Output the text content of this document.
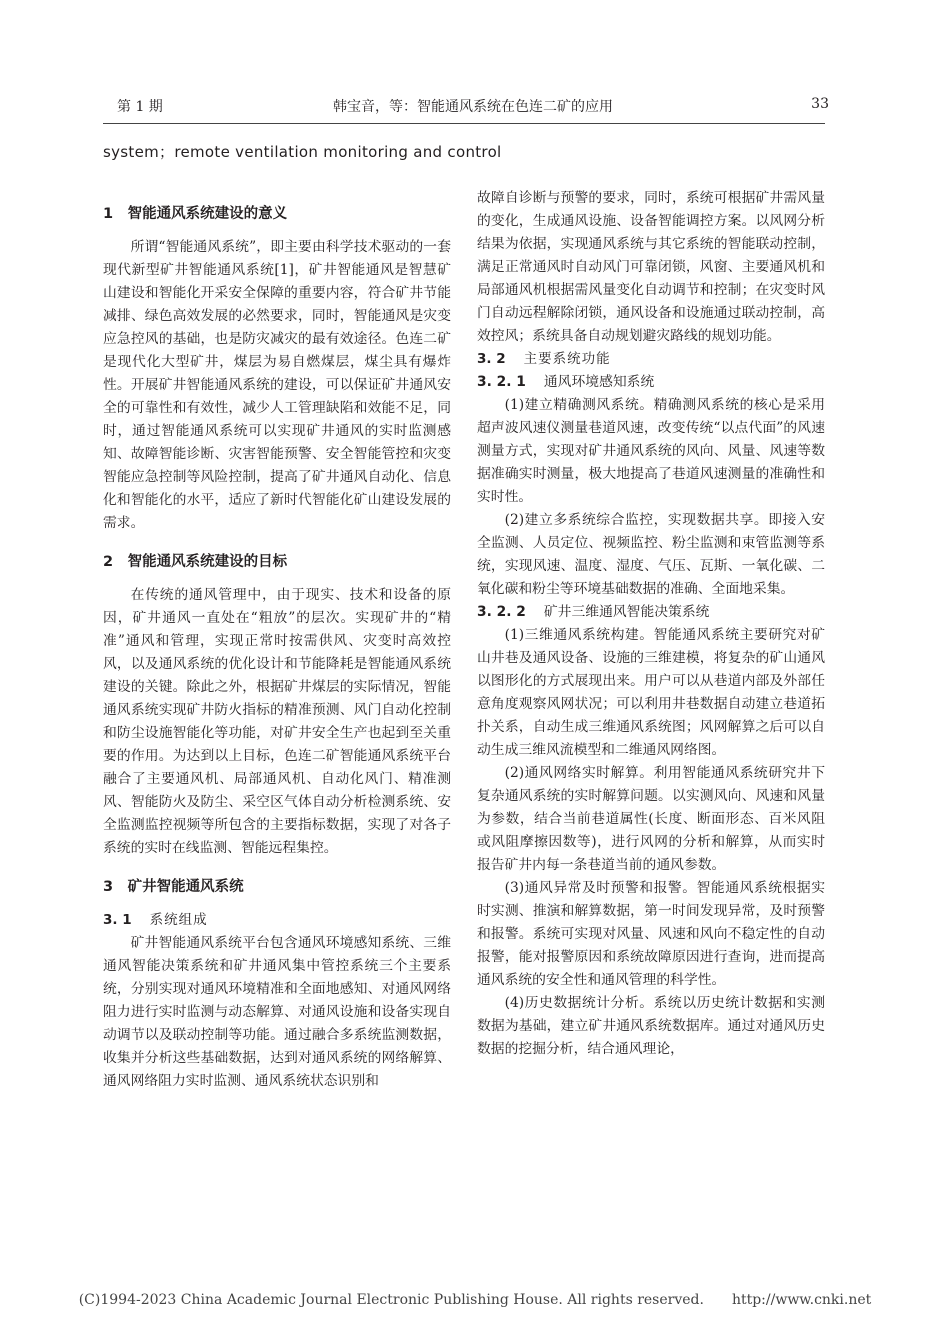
第 1 期	韩宝音，等：智能通风系统在色连二矿的应用	33
system；remote ventilation monitoring and control
1　智能通风系统建设的意义

所谓“智能通风系统”，即主要由科学技术驱动的一套现代新型矿井智能通风系统[1]，矿井智能通风是智慧矿山建设和智能化开采安全保障的重要内容，符合矿井节能减排、绿色高效发展的必然要求，同时，智能通风是灾变应急控风的基础，也是防灾减灾的最有效途径。色连二矿是现代化大型矿井，煤层为易自燃煤层，煤尘具有爆炸性。开展矿井智能通风系统的建设，可以保证矿井通风安全的可靠性和有效性，减少人工管理缺陷和效能不足，同时，通过智能通风系统可以实现矿井通风的实时监测感知、故障智能诊断、灾害智能预警、安全智能管控和灾变智能应急控制等风险控制，提高了矿井通风自动化、信息化和智能化的水平，适应了新时代智能化矿山建设发展的需求。

2　智能通风系统建设的目标

在传统的通风管理中，由于现实、技术和设备的原因，矿井通风一直处在“粗放”的层次。实现矿井的“精准”通风和管理，实现正常时按需供风、灾变时高效控风，以及通风系统的优化设计和节能降耗是智能通风系统建设的关键。除此之外，根据矿井煤层的实际情况，智能通风系统实现矿井防火指标的精准预测、风门自动化控制和防尘设施智能化等功能，对矿井安全生产也起到至关重要的作用。为达到以上目标，色连二矿智能通风系统平台融合了主要通风机、局部通风机、自动化风门、精准测风、智能防火及防尘、采空区气体自动分析检测系统、安全监测监控视频等所包含的主要指标数据，实现了对各子系统的实时在线监测、智能远程集控。

3　矿井智能通风系统
3. 1 系统组成

矿井智能通风系统平台包含通风环境感知系统、三维通风智能决策系统和矿井通风集中管控系统三个主要系统，分别实现对通风环境精准和全面地感知、对通风网络阻力进行实时监测与动态解算、对通风设施和设备实现自动调节以及联动控制等功能。通过融合多系统监测数据，收集并分析这些基础数据，达到对通风系统的网络解算、通风网络阻力实时监测、通风系统状态识别和

故障自诊断与预警的要求，同时，系统可根据矿井需风量的变化，生成通风设施、设备智能调控方案。以风网分析结果为依据，实现通风系统与其它系统的智能联动控制，满足正常通风时自动风门可靠闭锁，风窗、主要通风机和局部通风机根据需风量变化自动调节和控制；在灾变时风门自动远程解除闭锁，通风设备和设施通过联动控制，高效控风；系统具备自动规划避灾路线的规划功能。

3. 2 主要系统功能
3. 2. 1 通风环境感知系统

(1)建立精确测风系统。精确测风系统的核心是采用超声波风速仪测量巷道风速，改变传统“以点代面”的风速测量方式，实现对矿井通风系统的风向、风量、风速等数据准确实时测量，极大地提高了巷道风速测量的准确性和实时性。

(2)建立多系统综合监控，实现数据共享。即接入安全监测、人员定位、视频监控、粉尘监测和束管监测等系统，实现风速、温度、湿度、气压、瓦斯、一氧化碳、二氧化碳和粉尘等环境基础数据的准确、全面地采集。

3. 2. 2 矿井三维通风智能决策系统

(1)三维通风系统构建。智能通风系统主要研究对矿山井巷及通风设备、设施的三维建模，将复杂的矿山通风以图形化的方式展现出来。用户可以从巷道内部及外部任意角度观察风网状况；可以利用井巷数据自动建立巷道拓扑关系，自动生成三维通风系统图；风网解算之后可以自动生成三维风流模型和二维通风网络图。

(2)通风网络实时解算。利用智能通风系统研究井下复杂通风系统的实时解算问题。以实测风向、风速和风量为参数，结合当前巷道属性(长度、断面形态、百米风阻或风阻摩擦因数等)，进行风网的分析和解算，从而实时报告矿井内每一条巷道当前的通风参数。

(3)通风异常及时预警和报警。智能通风系统根据实时实测、推演和解算数据，第一时间发现异常，及时预警和报警。系统可实现对风量、风速和风向不稳定性的自动报警，能对报警原因和系统故障原因进行查询，进而提高通风系统的安全性和通风管理的科学性。

(4)历史数据统计分析。系统以历史统计数据和实测数据为基础，建立矿井通风系统数据库。通过对通风历史数据的挖掘分析，结合通风理论，

(C)1994-2023 China Academic Journal Electronic Publishing House. All rights reserved.　　http://www.cnki.net
